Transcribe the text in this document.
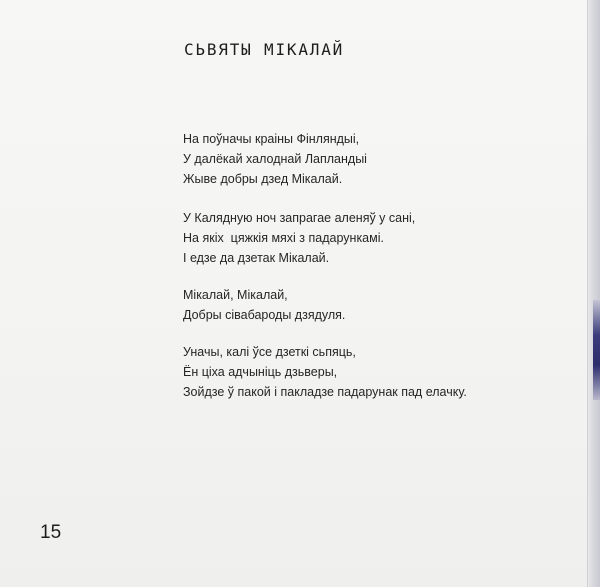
СЬВЯТЫ МІКАЛАЙ
На поўначы краіны Фінляндыі,
У далёкай халоднай Лапландыі
Жыве добры дзед Мікалай.
У Калядную ноч запрагае аленяў у сані,
На якіх  цяжкія мяхі з падарункамі.
І едзе да дзетак Мікалай.
Мікалай, Мікалай,
Добры сівабароды дзядуля.
Уначы, калі ўсе дзеткі сьпяць,
Ён ціха адчыніць дзьверы,
Зойдзе ў пакой і пакладзе падарунак пад елачку.
15
